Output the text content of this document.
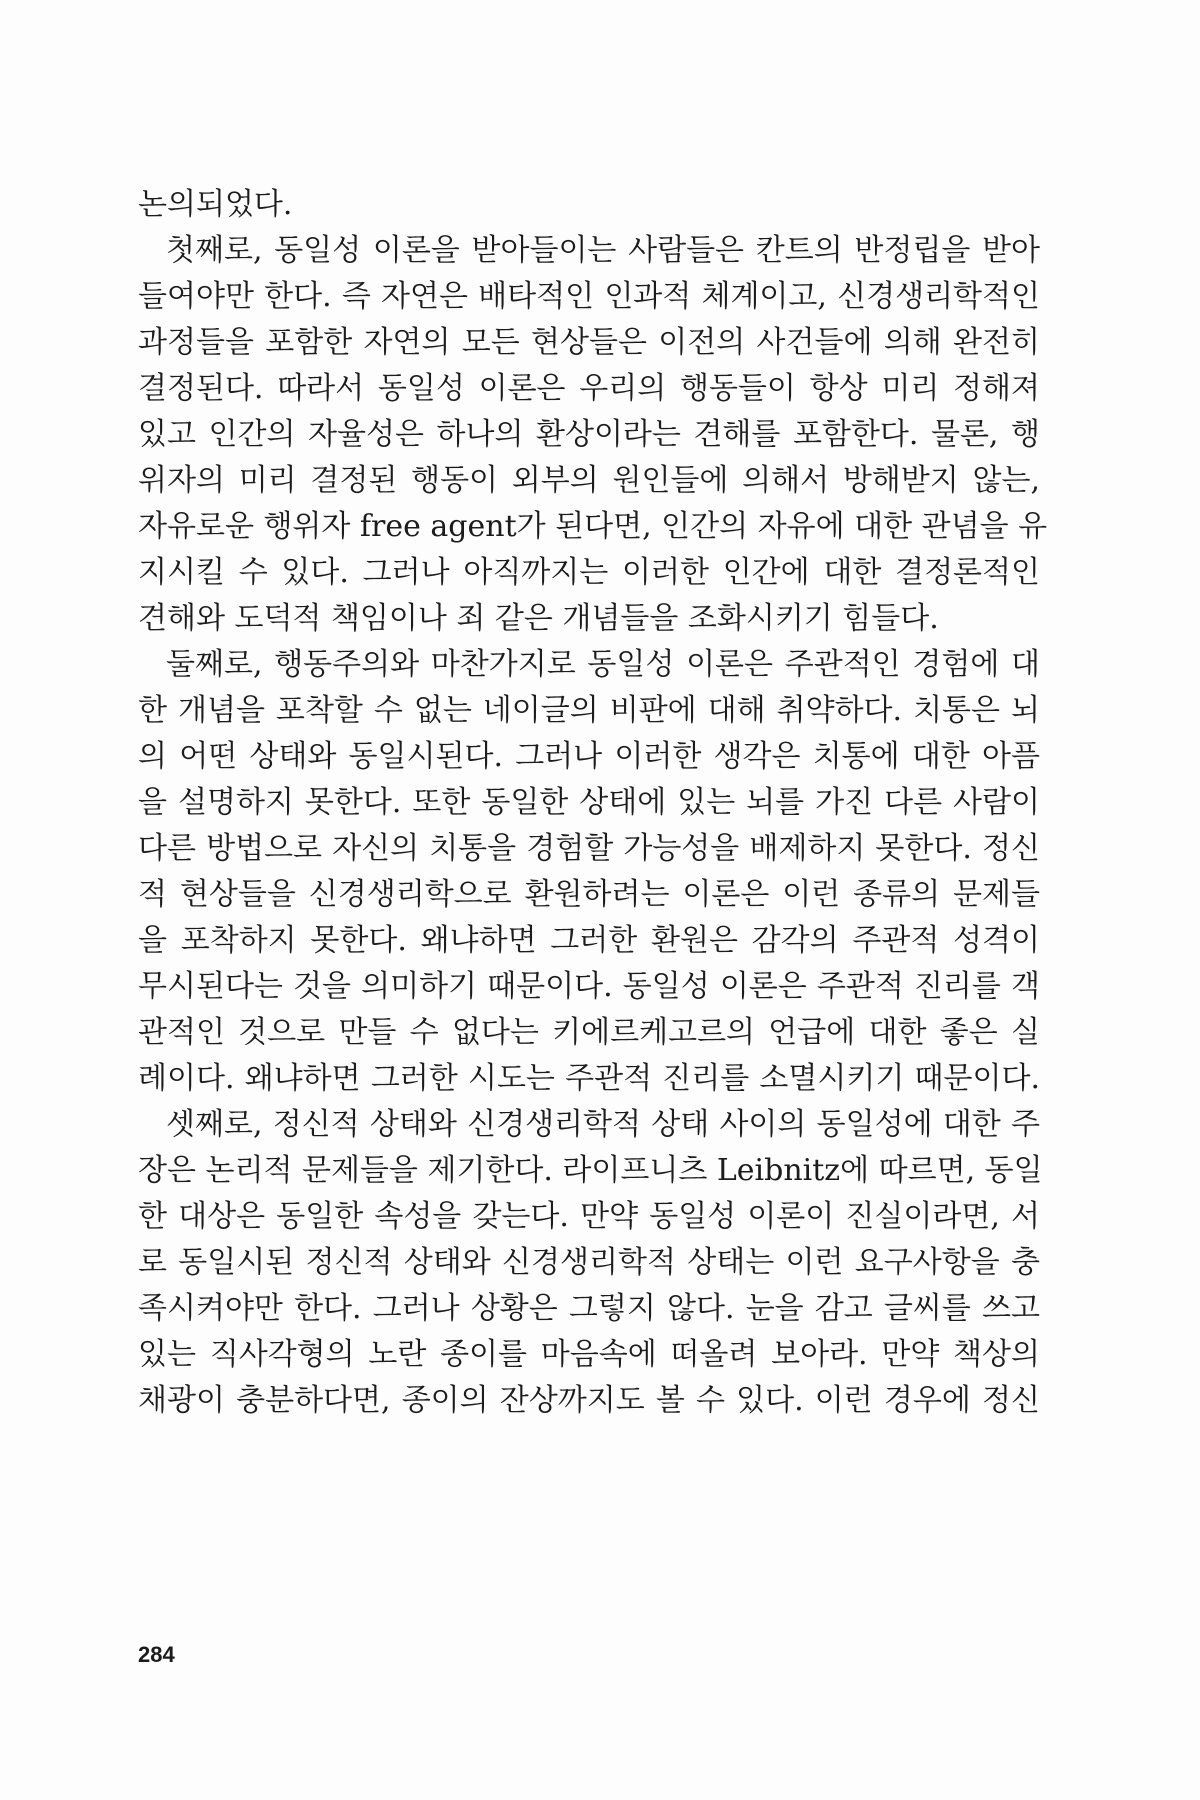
논의되었다.
첫째로, 동일성 이론을 받아들이는 사람들은 칸트의 반정립을 받아
들여야만 한다. 즉 자연은 배타적인 인과적 체계이고, 신경생리학적인
과정들을 포함한 자연의 모든 현상들은 이전의 사건들에 의해 완전히
결정된다. 따라서 동일성 이론은 우리의 행동들이 항상 미리 정해져
있고 인간의 자율성은 하나의 환상이라는 견해를 포함한다. 물론, 행
위자의 미리 결정된 행동이 외부의 원인들에 의해서 방해받지 않는,
자유로운 행위자 free agent가 된다면, 인간의 자유에 대한 관념을 유
지시킬 수 있다. 그러나 아직까지는 이러한 인간에 대한 결정론적인
견해와 도덕적 책임이나 죄 같은 개념들을 조화시키기 힘들다.
둘째로, 행동주의와 마찬가지로 동일성 이론은 주관적인 경험에 대
한 개념을 포착할 수 없는 네이글의 비판에 대해 취약하다. 치통은 뇌
의 어떤 상태와 동일시된다. 그러나 이러한 생각은 치통에 대한 아픔
을 설명하지 못한다. 또한 동일한 상태에 있는 뇌를 가진 다른 사람이
다른 방법으로 자신의 치통을 경험할 가능성을 배제하지 못한다. 정신
적 현상들을 신경생리학으로 환원하려는 이론은 이런 종류의 문제들
을 포착하지 못한다. 왜냐하면 그러한 환원은 감각의 주관적 성격이
무시된다는 것을 의미하기 때문이다. 동일성 이론은 주관적 진리를 객
관적인 것으로 만들 수 없다는 키에르케고르의 언급에 대한 좋은 실
례이다. 왜냐하면 그러한 시도는 주관적 진리를 소멸시키기 때문이다.
셋째로, 정신적 상태와 신경생리학적 상태 사이의 동일성에 대한 주
장은 논리적 문제들을 제기한다. 라이프니츠 Leibnitz에 따르면, 동일
한 대상은 동일한 속성을 갖는다. 만약 동일성 이론이 진실이라면, 서
로 동일시된 정신적 상태와 신경생리학적 상태는 이런 요구사항을 충
족시켜야만 한다. 그러나 상황은 그렇지 않다. 눈을 감고 글씨를 쓰고
있는 직사각형의 노란 종이를 마음속에 떠올려 보아라. 만약 책상의
채광이 충분하다면, 종이의 잔상까지도 볼 수 있다. 이런 경우에 정신
284
